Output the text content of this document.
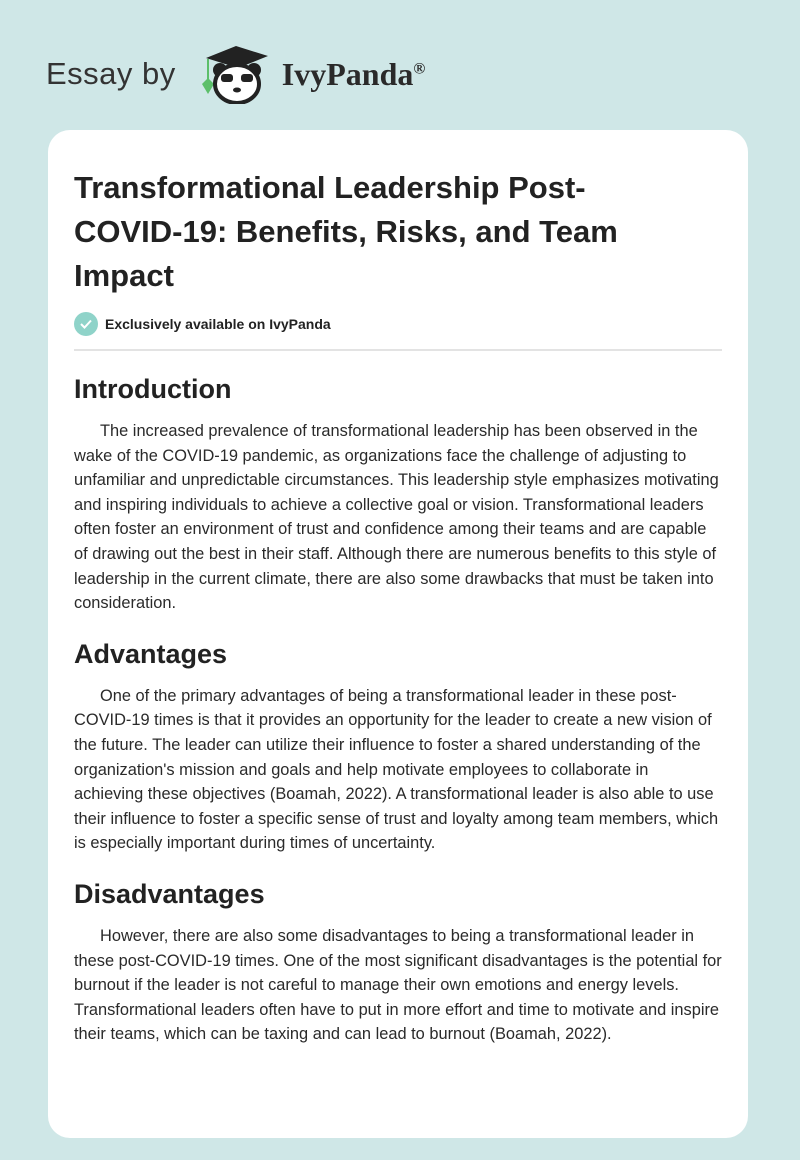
Essay by	IvyPanda®
Transformational Leadership Post-COVID-19: Benefits, Risks, and Team Impact
Exclusively available on IvyPanda
Introduction

The increased prevalence of transformational leadership has been observed in the wake of the COVID-19 pandemic, as organizations face the challenge of adjusting to unfamiliar and unpredictable circumstances. This leadership style emphasizes motivating and inspiring individuals to achieve a collective goal or vision. Transformational leaders often foster an environment of trust and confidence among their teams and are capable of drawing out the best in their staff. Although there are numerous benefits to this style of leadership in the current climate, there are also some drawbacks that must be taken into consideration.

Advantages

One of the primary advantages of being a transformational leader in these post-COVID-19 times is that it provides an opportunity for the leader to create a new vision of the future. The leader can utilize their influence to foster a shared understanding of the organization's mission and goals and help motivate employees to collaborate in achieving these objectives (Boamah, 2022). A transformational leader is also able to use their influence to foster a specific sense of trust and loyalty among team members, which is especially important during times of uncertainty.

Disadvantages

However, there are also some disadvantages to being a transformational leader in these post-COVID-19 times. One of the most significant disadvantages is the potential for burnout if the leader is not careful to manage their own emotions and energy levels. Transformational leaders often have to put in more effort and time to motivate and inspire their teams, which can be taxing and can lead to burnout (Boamah, 2022).
